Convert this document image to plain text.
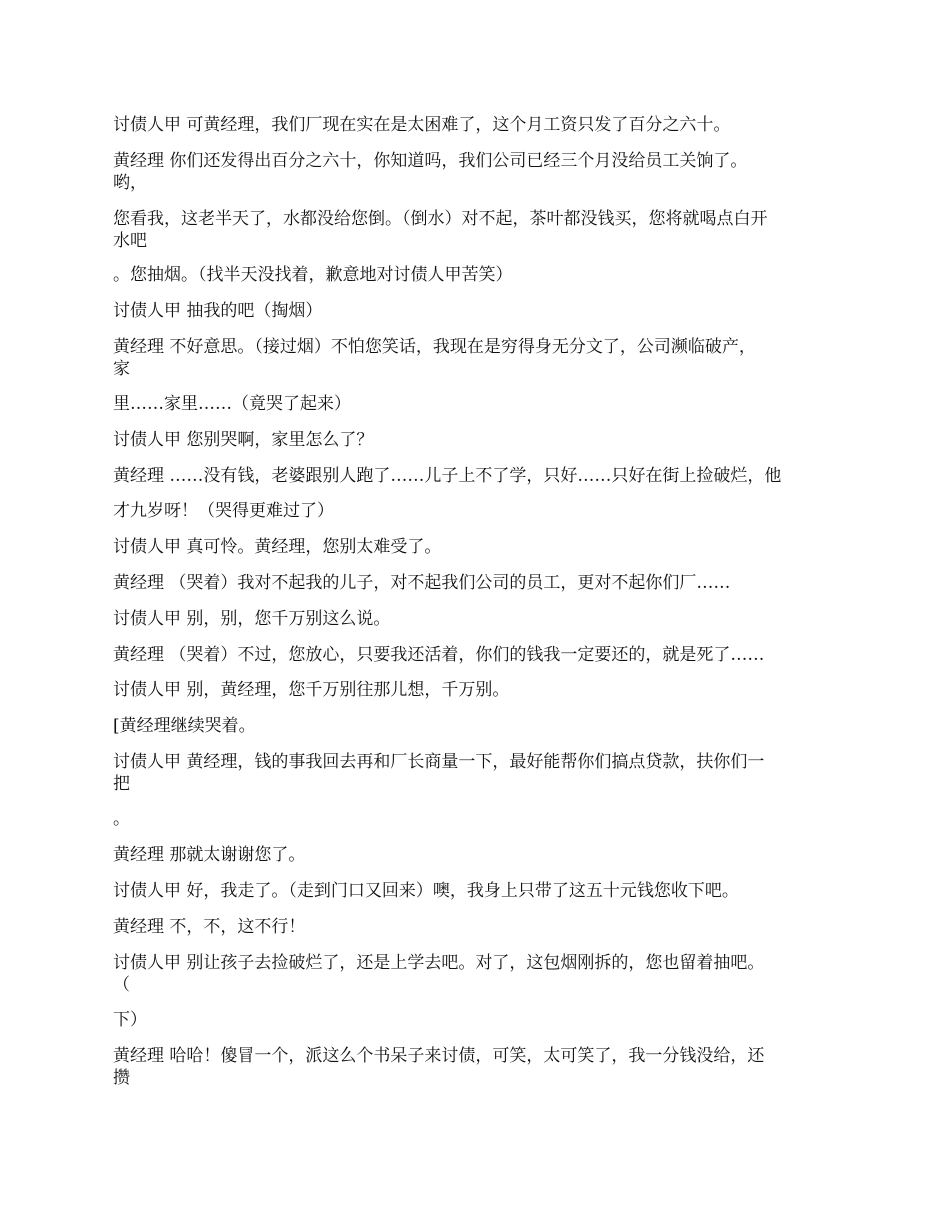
讨债人甲 可黄经理，我们厂现在实在是太困难了，这个月工资只发了百分之六十。
黄经理 你们还发得出百分之六十，你知道吗，我们公司已经三个月没给员工关饷了。
哟，
您看我，这老半天了，水都没给您倒。（倒水）对不起，茶叶都没钱买，您将就喝点白开
水吧
。您抽烟。（找半天没找着，歉意地对讨债人甲苦笑）
讨债人甲 抽我的吧（掏烟）
黄经理 不好意思。（接过烟）不怕您笑话，我现在是穷得身无分文了，公司濒临破产，
家
里……家里……（竟哭了起来）
讨债人甲 您别哭啊，家里怎么了？
黄经理 ……没有钱，老婆跟别人跑了……儿子上不了学，只好……只好在街上捡破烂，他
才九岁呀！（哭得更难过了）
讨债人甲 真可怜。黄经理，您别太难受了。
黄经理 （哭着）我对不起我的儿子，对不起我们公司的员工，更对不起你们厂……
讨债人甲 别，别，您千万别这么说。
黄经理 （哭着）不过，您放心，只要我还活着，你们的钱我一定要还的，就是死了……
讨债人甲 别，黄经理，您千万别往那儿想，千万别。
[黄经理继续哭着。
讨债人甲 黄经理，钱的事我回去再和厂长商量一下，最好能帮你们搞点贷款，扶你们一
把
。
黄经理 那就太谢谢您了。
讨债人甲 好，我走了。（走到门口又回来）噢，我身上只带了这五十元钱您收下吧。
黄经理 不，不，这不行！
讨债人甲 别让孩子去捡破烂了，还是上学去吧。对了，这包烟刚拆的，您也留着抽吧。
（
下）
黄经理 哈哈！傻冒一个，派这么个书呆子来讨债，可笑，太可笑了，我一分钱没给，还
攒
